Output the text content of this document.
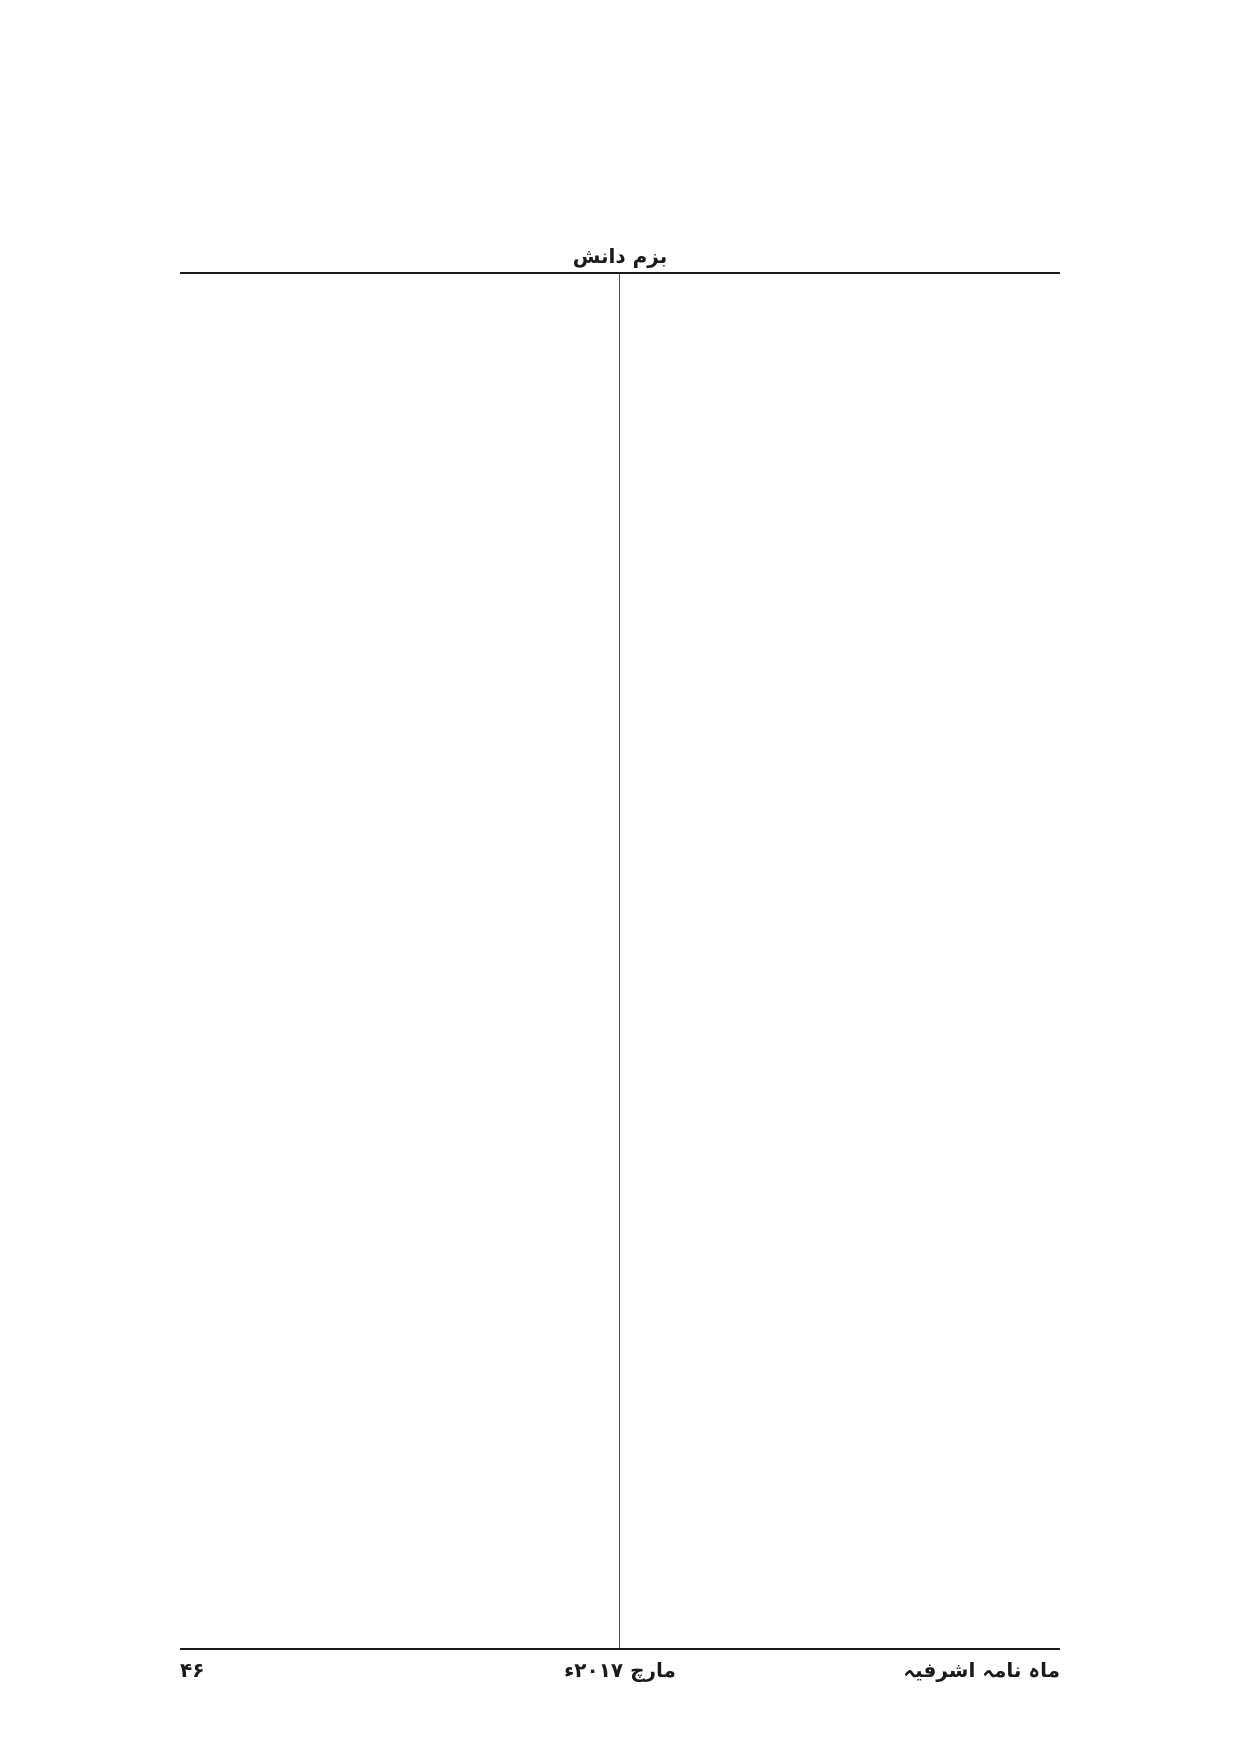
بزم دانش

ماہ نامہ اشرفیہ
مارچ ۲۰۱۷ء
۴۶
